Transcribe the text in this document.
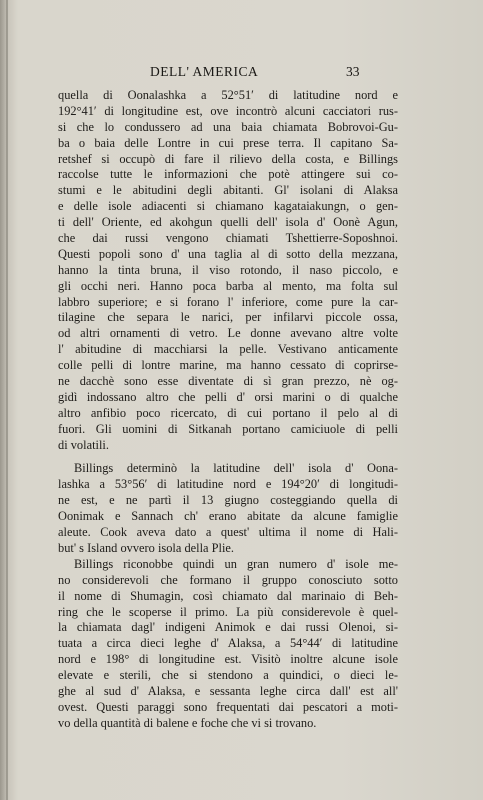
DELL' AMERICA	33
quella di Oonalashka a 52°51′ di latitudine nord e
192°41′ di longitudine est, ove incontrò alcuni cacciatori rus-
si che lo condussero ad una baia chiamata Bobrovoi-Gu-
ba o baia delle Lontre in cui prese terra. Il capitano Sa-
retshef si occupò di fare il rilievo della costa, e Billings
raccolse tutte le informazioni che potè attingere sui co-
stumi e le abitudini degli abitanti. Gl' isolani di Alaksa
e delle isole adiacenti si chiamano kagataiakungn, o gen-
ti dell' Oriente, ed akohgun quelli dell' isola d' Oonè Agun,
che dai russi vengono chiamati Tshettierre-Soposhnoi.
Questi popoli sono d' una taglia al di sotto della mezzana,
hanno la tinta bruna, il viso rotondo, il naso piccolo, e
gli occhi neri. Hanno poca barba al mento, ma folta sul
labbro superiore; e si forano l' inferiore, come pure la car-
tilagine che separa le narici, per infilarvi piccole ossa,
od altri ornamenti di vetro. Le donne avevano altre volte
l' abitudine di macchiarsi la pelle. Vestivano anticamente
colle pelli di lontre marine, ma hanno cessato di coprirse-
ne dacchè sono esse diventate di sì gran prezzo, nè og-
gidì indossano altro che pelli d' orsi marini o di qualche
altro anfibio poco ricercato, di cui portano il pelo al di
fuori. Gli uomini di Sitkanah portano camiciuole di pelli
di volatili.
Billings determinò la latitudine dell' isola d' Oona-
lashka a 53°56′ di latitudine nord e 194°20′ di longitudi-
ne est, e ne partì il 13 giugno costeggiando quella di
Oonimak e Sannach ch' erano abitate da alcune famiglie
aleute. Cook aveva dato a quest' ultima il nome di Hali-
but' s Island ovvero isola della Plie.
Billings riconobbe quindi un gran numero d' isole me-
no considerevoli che formano il gruppo conosciuto sotto
il nome di Shumagin, così chiamato dal marinaio di Beh-
ring che le scoperse il primo. La più considerevole è quel-
la chiamata dagl' indigeni Animok e dai russi Olenoi, si-
tuata a circa dieci leghe d' Alaksa, a 54°44′ di latitudine
nord e 198° di longitudine est. Visitò inoltre alcune isole
elevate e sterili, che si stendono a quindici, o dieci le-
ghe al sud d' Alaksa, e sessanta leghe circa dall' est all'
ovest. Questi paraggi sono frequentati dai pescatori a moti-
vo della quantità di balene e foche che vi si trovano.
